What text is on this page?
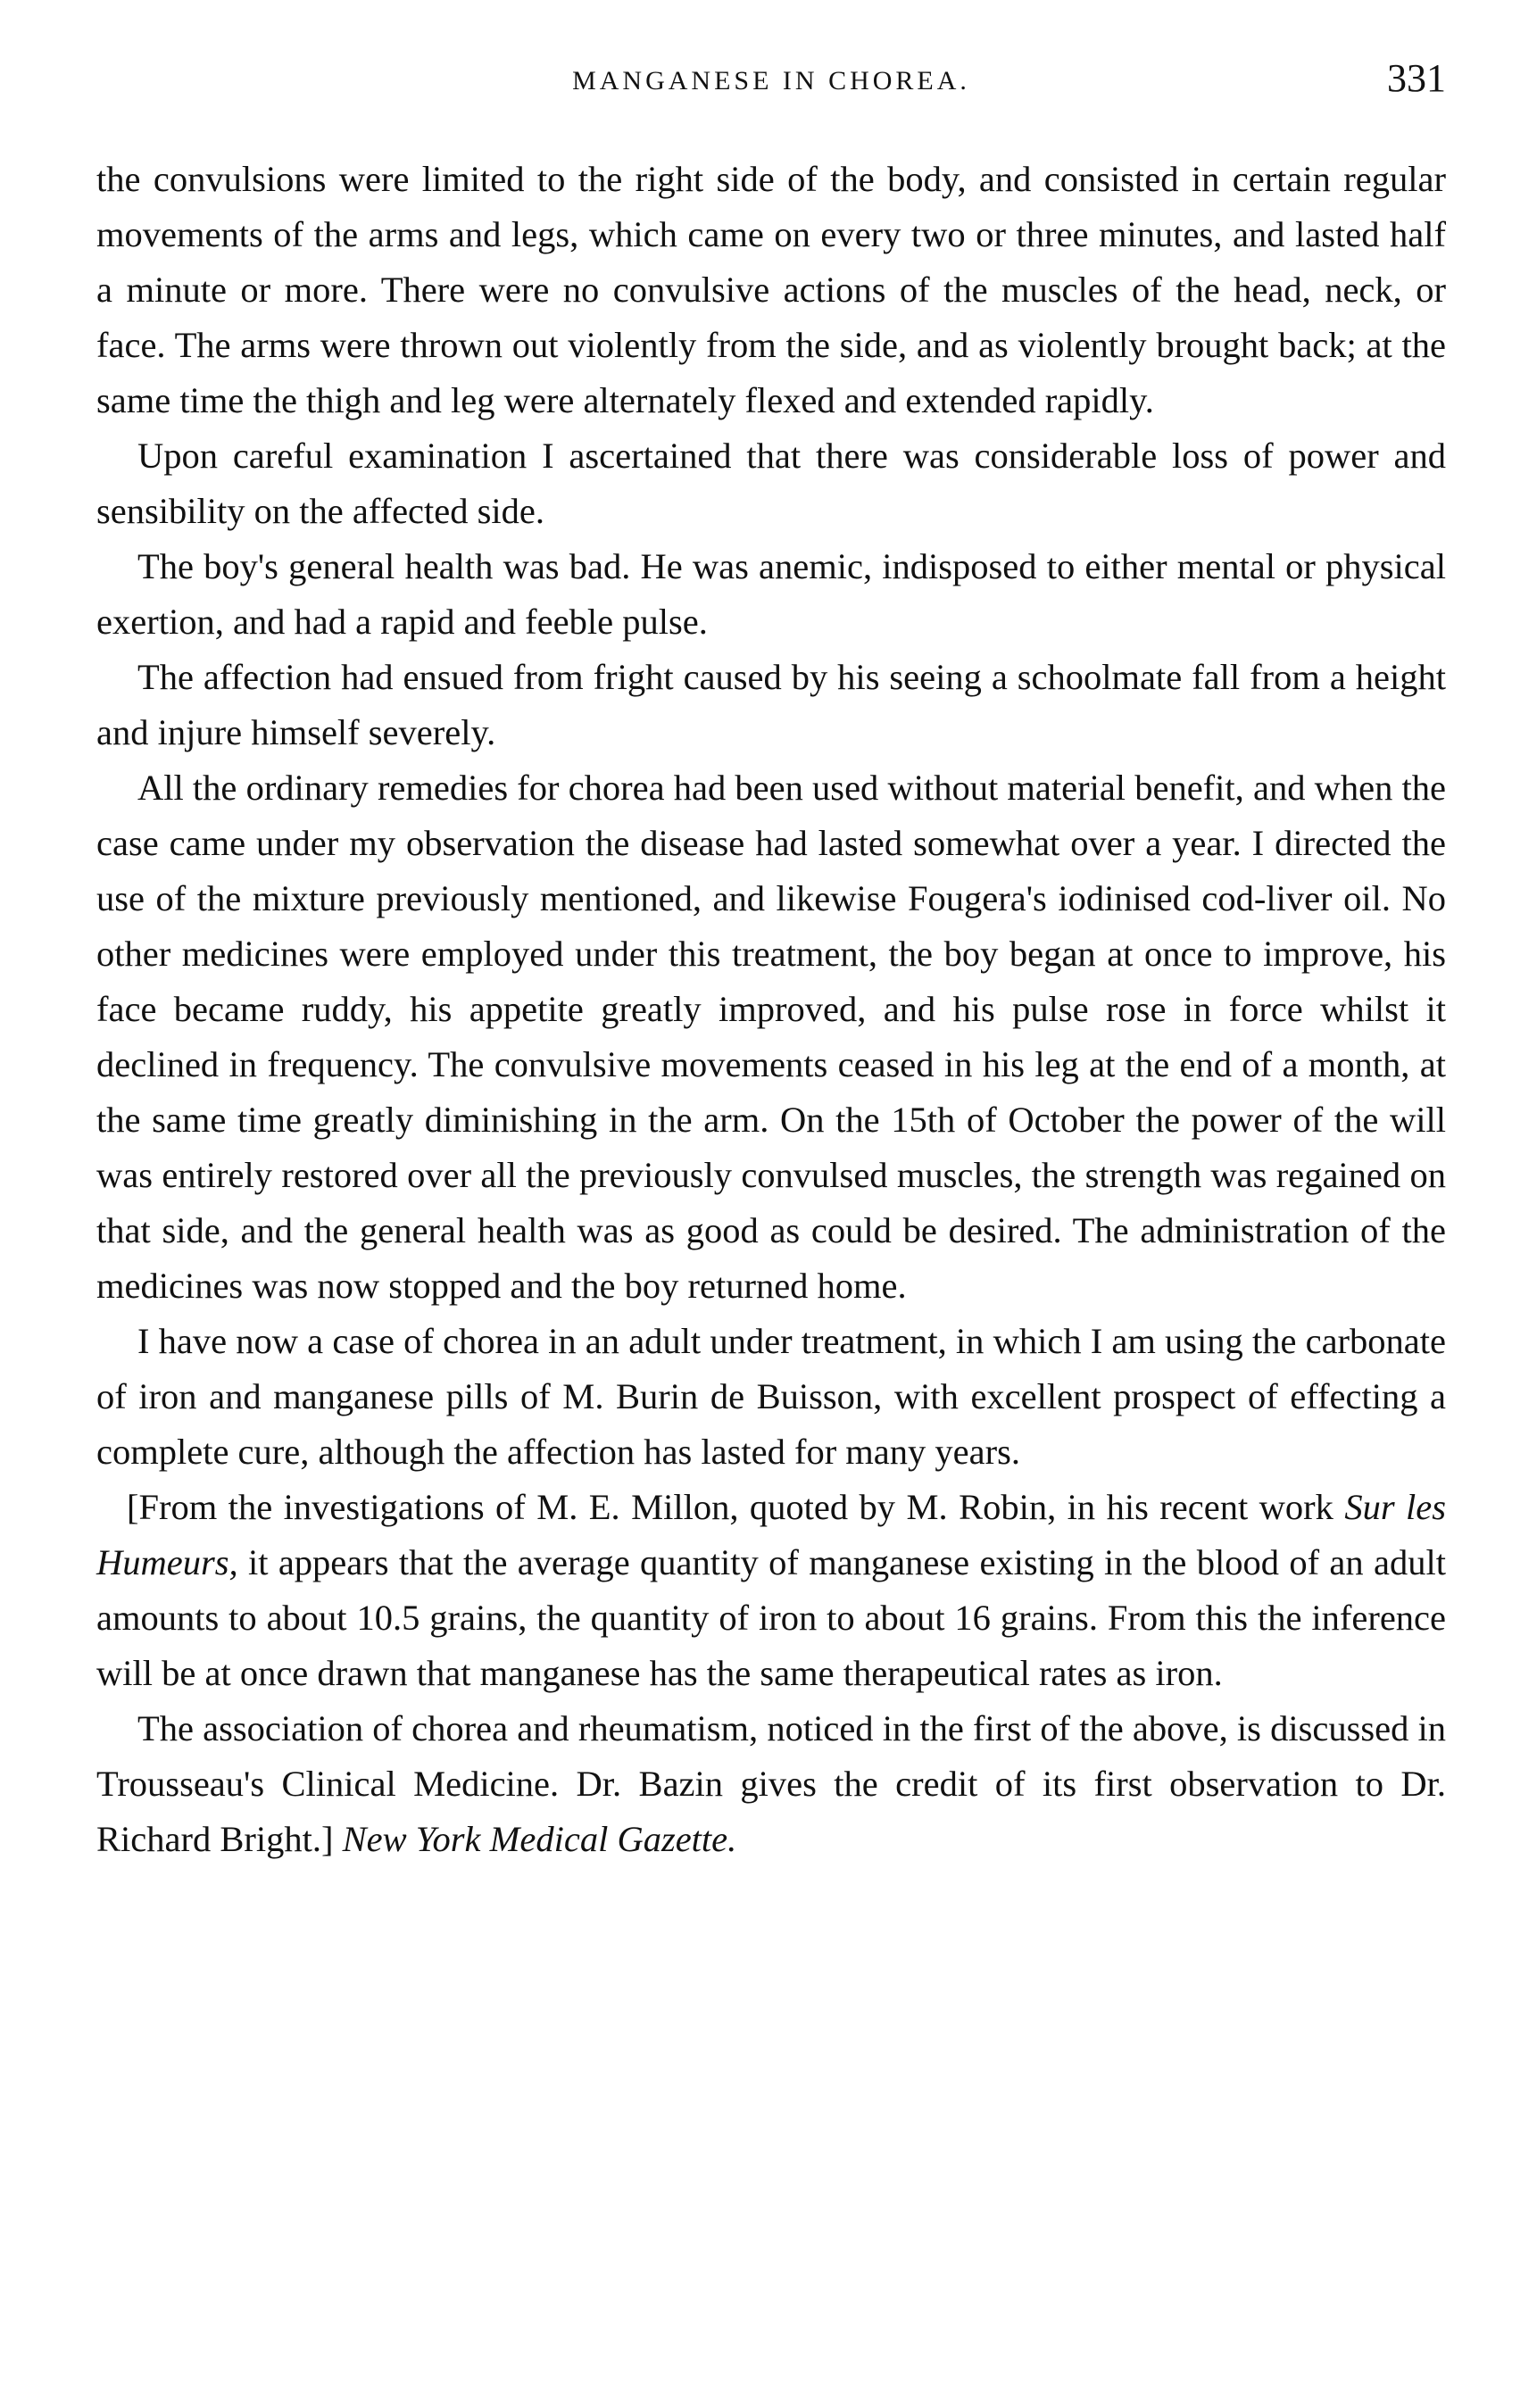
MANGANESE IN CHOREA.	331

the convulsions were limited to the right side of the body, and consisted in certain regular movements of the arms and legs, which came on every two or three minutes, and lasted half a minute or more. There were no convulsive actions of the muscles of the head, neck, or face. The arms were thrown out violently from the side, and as violently brought back; at the same time the thigh and leg were alternately flexed and extended rapidly.

Upon careful examination I ascertained that there was considerable loss of power and sensibility on the affected side.

The boy's general health was bad. He was anemic, indisposed to either mental or physical exertion, and had a rapid and feeble pulse.

The affection had ensued from fright caused by his seeing a schoolmate fall from a height and injure himself severely.

All the ordinary remedies for chorea had been used without material benefit, and when the case came under my observation the disease had lasted somewhat over a year. I directed the use of the mixture previously mentioned, and likewise Fougera's iodinised cod-liver oil. No other medicines were employed under this treatment, the boy began at once to improve, his face became ruddy, his appetite greatly improved, and his pulse rose in force whilst it declined in frequency. The convulsive movements ceased in his leg at the end of a month, at the same time greatly diminishing in the arm. On the 15th of October the power of the will was entirely restored over all the previously convulsed muscles, the strength was regained on that side, and the general health was as good as could be desired. The administration of the medicines was now stopped and the boy returned home.

I have now a case of chorea in an adult under treatment, in which I am using the carbonate of iron and manganese pills of M. Burin de Buisson, with excellent prospect of effecting a complete cure, although the affection has lasted for many years.

[From the investigations of M. E. Millon, quoted by M. Robin, in his recent work Sur les Humeurs, it appears that the average quantity of manganese existing in the blood of an adult amounts to about 10.5 grains, the quantity of iron to about 16 grains. From this the inference will be at once drawn that manganese has the same therapeutical rates as iron.

The association of chorea and rheumatism, noticed in the first of the above, is discussed in Trousseau's Clinical Medicine. Dr. Bazin gives the credit of its first observation to Dr. Richard Bright.] New York Medical Gazette.
